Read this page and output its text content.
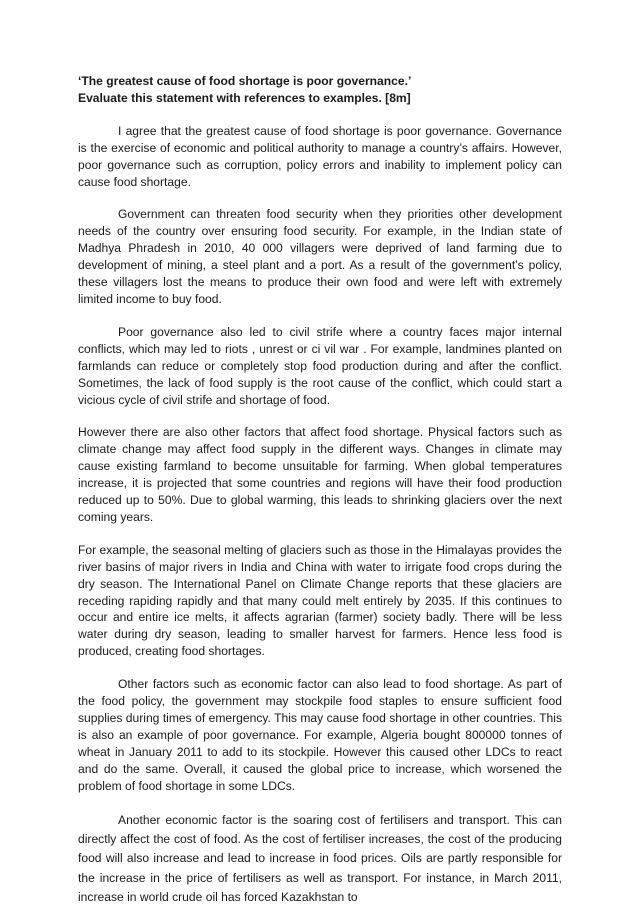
‘The greatest cause of food shortage is poor governance.’
Evaluate this statement with references to examples. [8m]

I agree that the greatest cause of food shortage is poor governance. Governance is the exercise of economic and political authority to manage a country’s affairs. However, poor governance such as corruption, policy errors and inability to implement policy can cause food shortage.

Government can threaten food security when they priorities other development needs of the country over ensuring food security. For example, in the Indian state of Madhya Phradesh in 2010, 40 000 villagers were deprived of land farming due to development of mining, a steel plant and a port. As a result of the government’s policy, these villagers lost the means to produce their own food and were left with extremely limited income to buy food.

Poor governance also led to civil strife where a country faces major internal conflicts, which may led to riots , unrest or ci vil war . For example, landmines planted on farmlands can reduce or completely stop food production during and after the conflict. Sometimes, the lack of food supply is the root cause of the conflict, which could start a vicious cycle of civil strife and shortage of food.

However there are also other factors that affect food shortage. Physical factors such as climate change may affect food supply in the different ways. Changes in climate may cause existing farmland to become unsuitable for farming. When global temperatures increase, it is projected that some countries and regions will have their food production reduced up to 50%. Due to global warming, this leads to shrinking glaciers over the next coming years.

For example, the seasonal melting of glaciers such as those in the Himalayas provides the river basins of major rivers in India and China with water to irrigate food crops during the dry season. The International Panel on Climate Change reports that these glaciers are receding rapiding rapidly and that many could melt entirely by 2035. If this continues to occur and entire ice melts, it affects agrarian (farmer) society badly. There will be less water during dry season, leading to smaller harvest for farmers. Hence less food is produced, creating food shortages.

Other factors such as economic factor can also lead to food shortage. As part of the food policy, the government may stockpile food staples to ensure sufficient food supplies during times of emergency. This may cause food shortage in other countries. This is also an example of poor governance. For example, Algeria bought 800000 tonnes of wheat in January 2011 to add to its stockpile. However this caused other LDCs to react and do the same. Overall, it caused the global price to increase, which worsened the problem of food shortage in some LDCs.

Another economic factor is the soaring cost of fertilisers and transport. This can directly affect the cost of food. As the cost of fertiliser increases, the cost of the producing food will also increase and lead to increase in food prices. Oils are partly responsible for the increase in the price of fertilisers as well as transport. For instance, in March 2011, increase in world crude oil has forced Kazakhstan to
